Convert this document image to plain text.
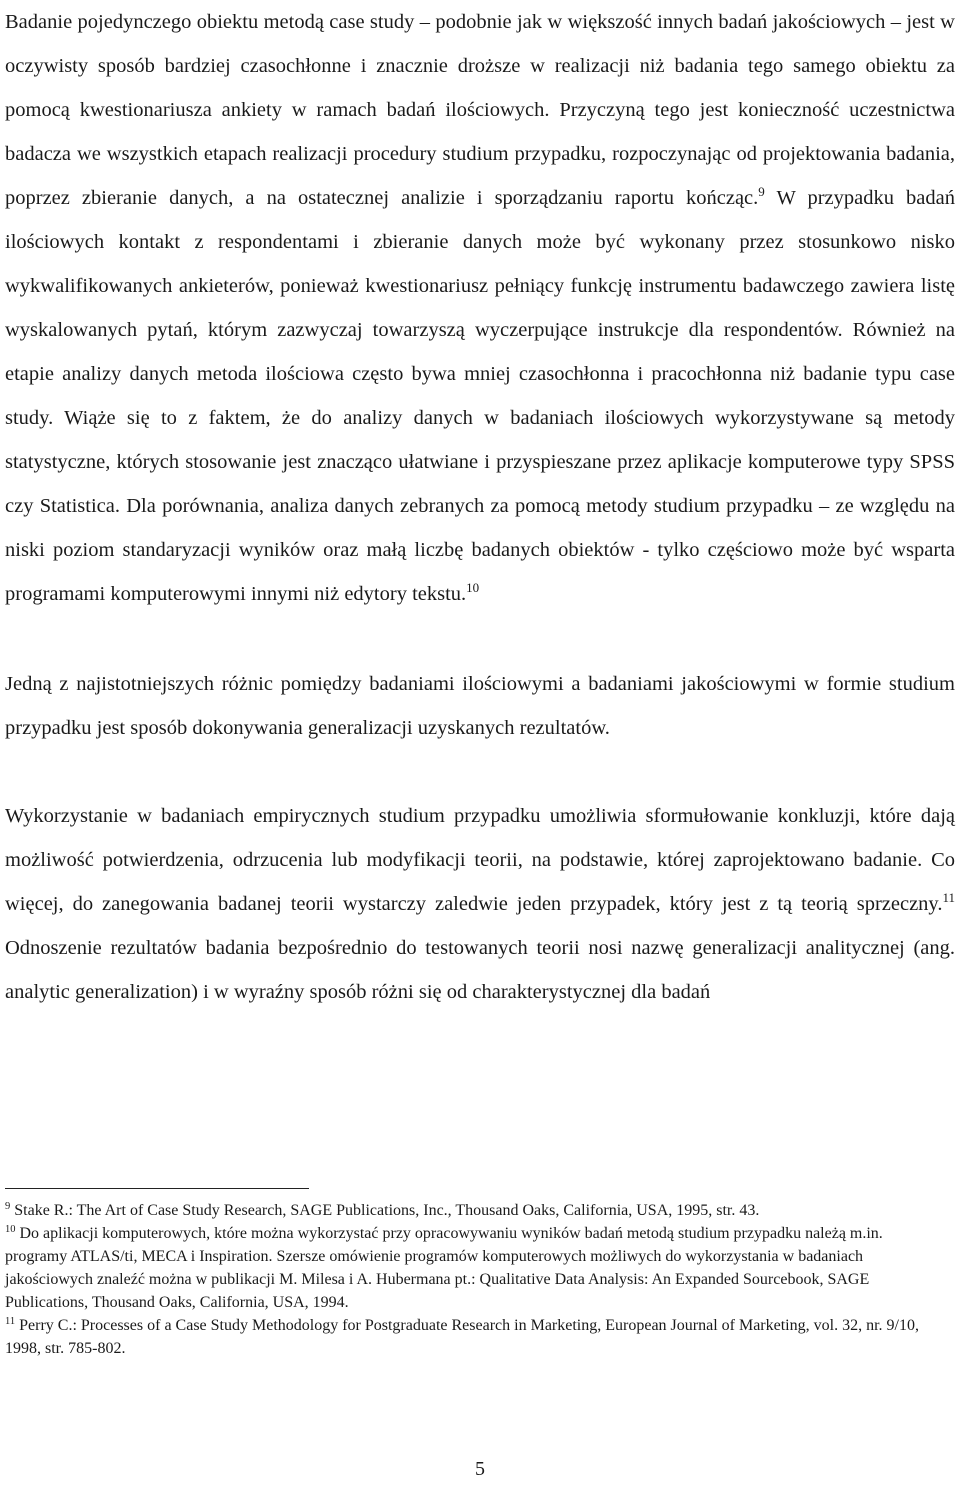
Badanie pojedynczego obiektu metodą case study – podobnie jak w większość innych badań jakościowych – jest w oczywisty sposób bardziej czasochłonne i znacznie droższe w realizacji niż badania tego samego obiektu za pomocą kwestionariusza ankiety w ramach badań ilościowych. Przyczyną tego jest konieczność uczestnictwa badacza we wszystkich etapach realizacji procedury studium przypadku, rozpoczynając od projektowania badania, poprzez zbieranie danych, a na ostatecznej analizie i sporządzaniu raportu kończąc.$^9$ W przypadku badań ilościowych kontakt z respondentami i zbieranie danych może być wykonany przez stosunkowo nisko wykwalifikowanych ankieterów, ponieważ kwestionariusz pełniący funkcję instrumentu badawczego zawiera listę wyskalowanych pytań, którym zazwyczaj towarzyszą wyczerpujące instrukcje dla respondentów. Również na etapie analizy danych metoda ilościowa często bywa mniej czasochłonna i pracochłonna niż badanie typu case study. Wiąże się to z faktem, że do analizy danych w badaniach ilościowych wykorzystywane są metody statystyczne, których stosowanie jest znacząco ułatwiane i przyspieszane przez aplikacje komputerowe typy SPSS czy Statistica. Dla porównania, analiza danych zebranych za pomocą metody studium przypadku – ze względu na niski poziom standaryzacji wyników oraz małą liczbę badanych obiektów - tylko częściowo może być wsparta programami komputerowymi innymi niż edytory tekstu.$^{10}$

Jedną z najistotniejszych różnic pomiędzy badaniami ilościowymi a badaniami jakościowymi w formie studium przypadku jest sposób dokonywania generalizacji uzyskanych rezultatów.

Wykorzystanie w badaniach empirycznych studium przypadku umożliwia sformułowanie konkluzji, które dają możliwość potwierdzenia, odrzucenia lub modyfikacji teorii, na podstawie, której zaprojektowano badanie. Co więcej, do zanegowania badanej teorii wystarczy zaledwie jeden przypadek, który jest z tą teorią sprzeczny.$^{11}$ Odnoszenie rezultatów badania bezpośrednio do testowanych teorii nosi nazwę generalizacji analitycznej (ang. analytic generalization) i w wyraźny sposób różni się od charakterystycznej dla badań

$^9$ Stake R.: The Art of Case Study Research, SAGE Publications, Inc., Thousand Oaks, California, USA, 1995, str. 43.

$^{10}$ Do aplikacji komputerowych, które można wykorzystać przy opracowywaniu wyników badań metodą studium przypadku należą m.in. programy ATLAS/ti, MECA i Inspiration. Szersze omówienie programów komputerowych możliwych do wykorzystania w badaniach jakościowych znaleźć można w publikacji M. Milesa i A. Hubermana pt.: Qualitative Data Analysis: An Expanded Sourcebook, SAGE Publications, Thousand Oaks, California, USA, 1994.

$^{11}$ Perry C.: Processes of a Case Study Methodology for Postgraduate Research in Marketing, European Journal of Marketing, vol. 32, nr. 9/10, 1998, str. 785-802.

5
